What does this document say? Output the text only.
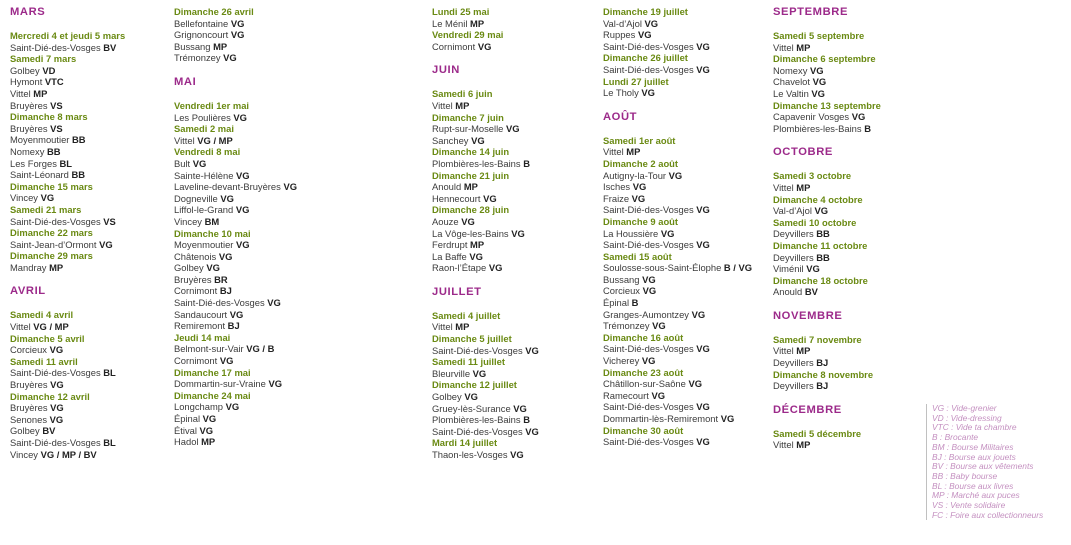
MARS
Mercredi 4 et jeudi 5 mars
Saint-Dié-des-Vosges BV
Samedi 7 mars
Golbey VD
Hymont VTC
Vittel MP
Bruyères VS
Dimanche 8 mars
Bruyères VS
Moyenmoutier BB
Nomexy BB
Les Forges BL
Saint-Léonard BB
Dimanche 15 mars
Vincey VG
Samedi 21 mars
Saint-Dié-des-Vosges VS
Dimanche 22 mars
Saint-Jean-d’Ormont VG
Dimanche 29 mars
Mandray MP
AVRIL
Samedi 4 avril
Vittel VG / MP
Dimanche 5 avril
Corcieux VG
Samedi 11 avril
Saint-Dié-des-Vosges BL
Bruyères VG
Dimanche 12 avril
Bruyères VG
Senones VG
Golbey BV
Saint-Dié-des-Vosges BL
Vincey VG / MP / BV
Dimanche 26 avril
Bellefontaine VG
Grignoncourt VG
Bussang MP
Trémonzey VG
MAI
Vendredi 1er mai
Les Poulières VG
Samedi 2 mai
Vittel VG / MP
Vendredi 8 mai
Bult VG
Sainte-Hélène VG
Laveline-devant-Bruyères VG
Dogneville VG
Liffol-le-Grand VG
Vincey BM
Dimanche 10 mai
Moyenmoutier VG
Châtenois VG
Golbey VG
Bruyères BR
Cornimont BJ
Saint-Dié-des-Vosges VG
Sandaucourt VG
Remiremont BJ
Jeudi 14 mai
Belmont-sur-Vair VG / B
Cornimont VG
Dimanche 17 mai
Dommartin-sur-Vraine VG
Dimanche 24 mai
Longchamp VG
Épinal VG
Étival VG
Hadol MP
Lundi 25 mai
Le Ménil MP
Vendredi 29 mai
Cornimont VG
JUIN
Samedi 6 juin
Vittel MP
Dimanche 7 juin
Rupt-sur-Moselle VG
Sanchey VG
Dimanche 14 juin
Plombières-les-Bains B
Dimanche 21 juin
Anould MP
Hennecourt VG
Dimanche 28 juin
Aouze VG
La Vôge-les-Bains VG
Ferdrupt MP
La Baffe VG
Raon-l’Étape VG
JUILLET
Samedi 4 juillet
Vittel MP
Dimanche 5 juillet
Saint-Dié-des-Vosges VG
Samedi 11 juillet
Bleurville VG
Dimanche 12 juillet
Golbey VG
Gruey-lès-Surance VG
Plombières-les-Bains B
Saint-Dié-des-Vosges VG
Mardi 14 juillet
Thaon-les-Vosges VG
Dimanche 19 juillet
Val-d’Ajol VG
Ruppes VG
Saint-Dié-des-Vosges VG
Dimanche 26 juillet
Saint-Dié-des-Vosges VG
Lundi 27 juillet
Le Tholy VG
AOÛT
Samedi 1er août
Vittel MP
Dimanche 2 août
Autigny-la-Tour VG
Isches VG
Fraize VG
Saint-Dié-des-Vosges VG
Dimanche 9 août
La Houssière VG
Saint-Dié-des-Vosges VG
Samedi 15 août
Soulosse-sous-Saint-Élophe B / VG
Bussang VG
Corcieux VG
Épinal B
Granges-Aumontzey VG
Trémonzey VG
Dimanche 16 août
Saint-Dié-des-Vosges VG
Vicherey VG
Dimanche 23 août
Châtillon-sur-Saône VG
Ramecourt VG
Saint-Dié-des-Vosges VG
Dommartin-lès-Remiremont VG
Dimanche 30 août
Saint-Dié-des-Vosges VG
SEPTEMBRE
Samedi 5 septembre
Vittel MP
Dimanche 6 septembre
Nomexy VG
Chavelot VG
Le Valtin VG
Dimanche 13 septembre
Capavenir Vosges VG
Plombières-les-Bains B
OCTOBRE
Samedi 3 octobre
Vittel MP
Dimanche 4 octobre
Val-d’Ajol VG
Samedi 10 octobre
Deyvillers BB
Dimanche 11 octobre
Deyvillers BB
Viménil VG
Dimanche 18 octobre
Anould BV
NOVEMBRE
Samedi 7 novembre
Vittel MP
Deyvillers BJ
Dimanche 8 novembre
Deyvillers BJ
DÉCEMBRE
Samedi 5 décembre
Vittel MP
VG : Vide-grenier
VD : Vide-dressing
VTC : Vide ta chambre
B : Brocante
BM : Bourse Militaires
BJ : Bourse aux jouets
BV : Bourse aux vêtements
BB : Baby bourse
BL : Bourse aux livres
MP : Marché aux puces
VS : Vente solidaire
FC : Foire aux collectionneurs
